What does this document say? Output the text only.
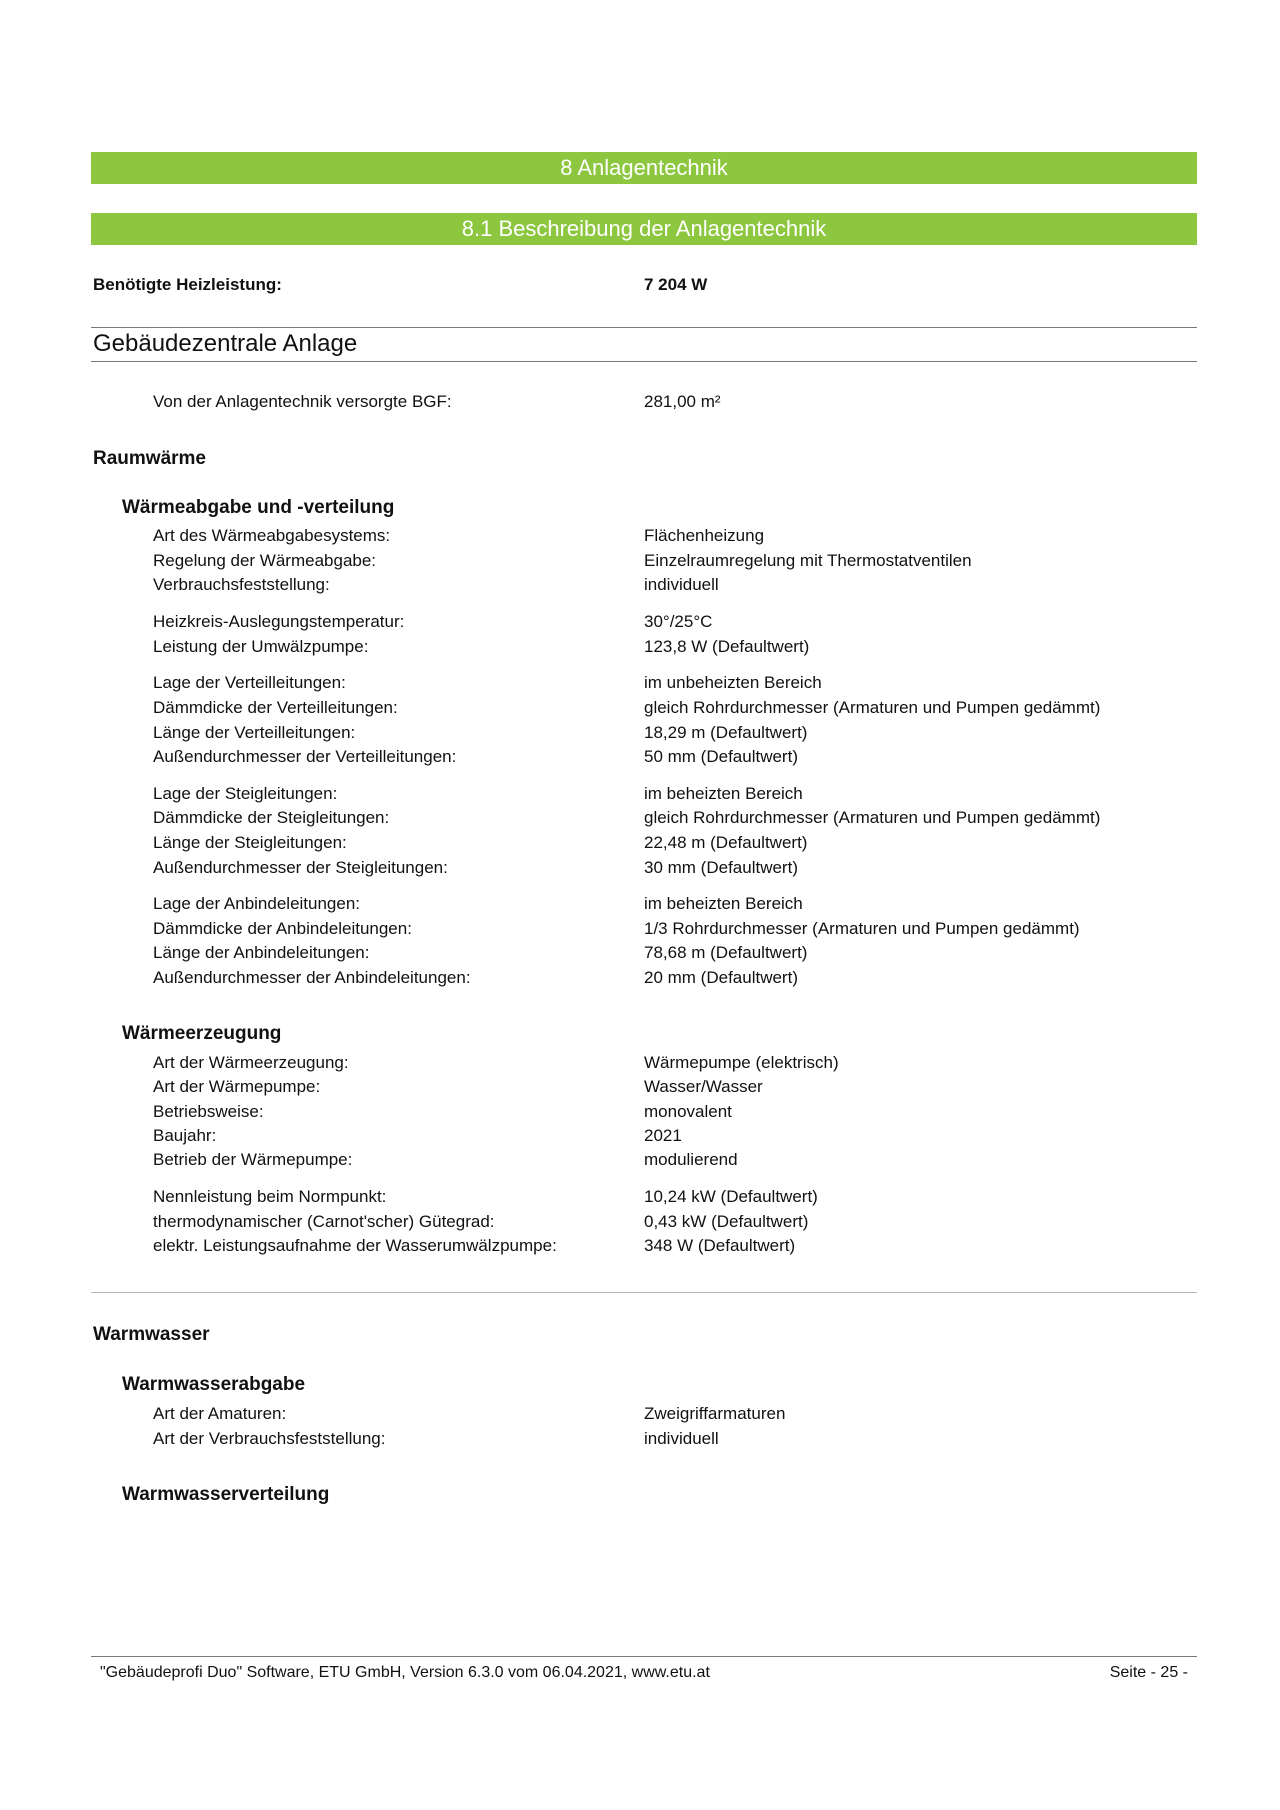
8 Anlagentechnik
8.1 Beschreibung der Anlagentechnik
Benötigte Heizleistung:	7 204 W
Gebäudezentrale Anlage
Von der Anlagentechnik versorgte BGF:	281,00 m²
Raumwärme
Wärmeabgabe und -verteilung
Art des Wärmeabgabesystems:	Flächenheizung
Regelung der Wärmeabgabe:	Einzelraumregelung mit Thermostatventilen
Verbrauchsfeststellung:	individuell
Heizkreis-Auslegungstemperatur:	30°/25°C
Leistung der Umwälzpumpe:	123,8 W (Defaultwert)
Lage der Verteilleitungen:	im unbeheizten Bereich
Dämmdicke der Verteilleitungen:	gleich Rohrdurchmesser (Armaturen und Pumpen gedämmt)
Länge der Verteilleitungen:	18,29 m (Defaultwert)
Außendurchmesser der Verteilleitungen:	50 mm (Defaultwert)
Lage der Steigleitungen:	im beheizten Bereich
Dämmdicke der Steigleitungen:	gleich Rohrdurchmesser (Armaturen und Pumpen gedämmt)
Länge der Steigleitungen:	22,48 m (Defaultwert)
Außendurchmesser der Steigleitungen:	30 mm (Defaultwert)
Lage der Anbindeleitungen:	im beheizten Bereich
Dämmdicke der Anbindeleitungen:	1/3 Rohrdurchmesser (Armaturen und Pumpen gedämmt)
Länge der Anbindeleitungen:	78,68 m (Defaultwert)
Außendurchmesser der Anbindeleitungen:	20 mm (Defaultwert)
Wärmeerzeugung
Art der Wärmeerzeugung:	Wärmepumpe (elektrisch)
Art der Wärmepumpe:	Wasser/Wasser
Betriebsweise:	monovalent
Baujahr:	2021
Betrieb der Wärmepumpe:	modulierend
Nennleistung beim Normpunkt:	10,24 kW (Defaultwert)
thermodynamischer (Carnot'scher) Gütegrad:	0,43 kW (Defaultwert)
elektr. Leistungsaufnahme der Wasserumwälzpumpe:	348 W (Defaultwert)
Warmwasser
Warmwasserabgabe
Art der Amaturen:	Zweigriffarmaturen
Art der Verbrauchsfeststellung:	individuell
Warmwasserverteilung
"Gebäudeprofi Duo" Software, ETU GmbH, Version 6.3.0 vom 06.04.2021, www.etu.at	Seite - 25 -
